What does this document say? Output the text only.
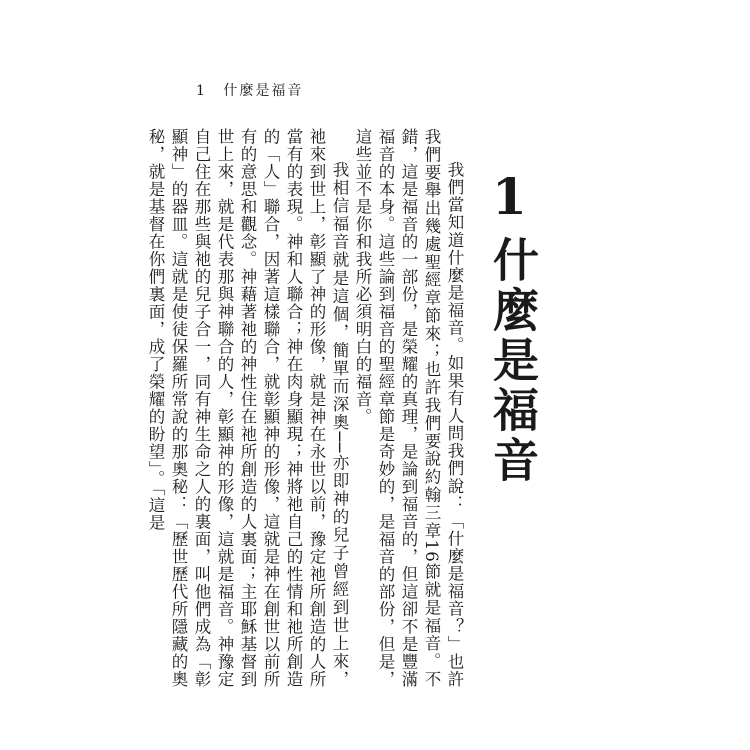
1 什麼是福音
1
什麼是福音

我們當知道什麼是福音。如果有人問我們說：「什麼是福音？」也許我們要舉出幾處聖經章節來；也許我們要說約翰三章16節就是福音。不錯，這是福音的一部份，是榮耀的真理，是論到福音的，但這卻不是豐滿福音的本身。這些論到福音的聖經章節是奇妙的，是福音的部份，但是，這些並不是你和我所必須明白的福音。

我相信福音就是這個，簡單而深奧──亦即神的兒子曾經到世上來，祂來到世上，彰顯了神的形像，就是神在永世以前，豫定祂所創造的人所當有的表現。神和人聯合；神在肉身顯現；神將祂自己的性情和祂所創造的「人」聯合，因著這樣聯合，就彰顯神的形像，這就是神在創世以前所有的意思和觀念。神藉著祂的神性住在祂所創造的人裏面；主耶穌基督到世上來，就是代表那與神聯合的人，彰顯神的形像，這就是福音。神豫定自己住在那些與祂的兒子合一，同有神生命之人的裏面，叫他們成為「彰顯神」的器皿。這就是使徒保羅所常說的那奧秘：「歷世歷代所隱藏的奧秘，就是基督在你們裏面，成了榮耀的盼望」。「這是
